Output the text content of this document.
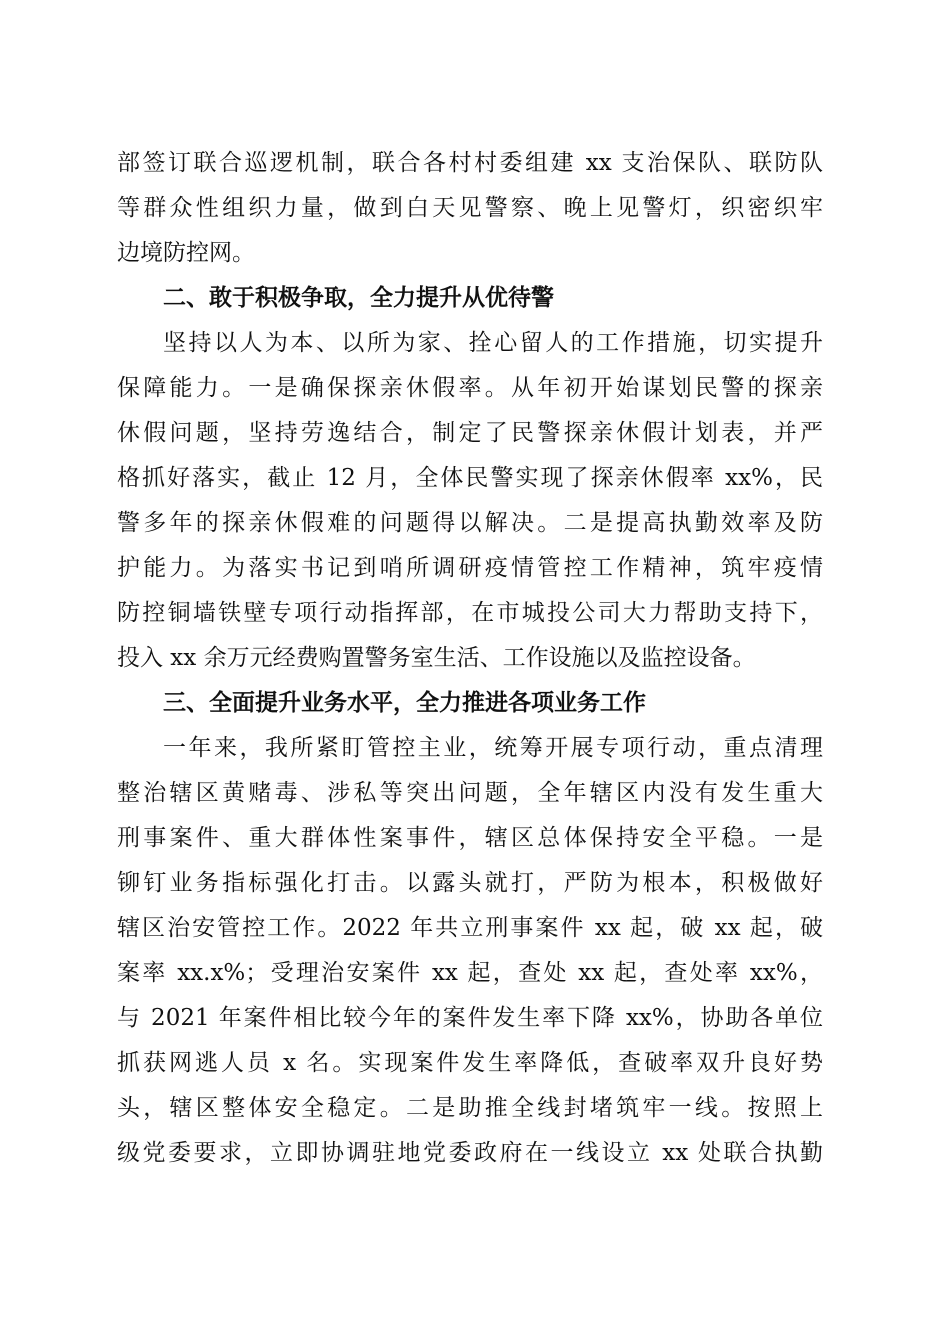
部签订联合巡逻机制，联合各村村委组建 xx 支治保队、联防队
等群众性组织力量，做到白天见警察、晚上见警灯，织密织牢
边境防控网。
二、敢于积极争取，全力提升从优待警
坚持以人为本、以所为家、拴心留人的工作措施，切实提升
保障能力。一是确保探亲休假率。从年初开始谋划民警的探亲
休假问题，坚持劳逸结合，制定了民警探亲休假计划表，并严
格抓好落实，截止 12 月，全体民警实现了探亲休假率 xx%，民
警多年的探亲休假难的问题得以解决。二是提高执勤效率及防
护能力。为落实书记到哨所调研疫情管控工作精神，筑牢疫情
防控铜墙铁壁专项行动指挥部，在市城投公司大力帮助支持下，
投入 xx 余万元经费购置警务室生活、工作设施以及监控设备。
三、全面提升业务水平，全力推进各项业务工作
一年来，我所紧盯管控主业，统筹开展专项行动，重点清理
整治辖区黄赌毒、涉私等突出问题，全年辖区内没有发生重大
刑事案件、重大群体性案事件，辖区总体保持安全平稳。一是
铆钉业务指标强化打击。以露头就打，严防为根本，积极做好
辖区治安管控工作。2022 年共立刑事案件 xx 起，破 xx 起，破
案率 xx.x%；受理治安案件 xx 起，查处 xx 起，查处率 xx%，
与 2021 年案件相比较今年的案件发生率下降 xx%，协助各单位
抓获网逃人员 x 名。实现案件发生率降低，查破率双升良好势
头，辖区整体安全稳定。二是助推全线封堵筑牢一线。按照上
级党委要求，立即协调驻地党委政府在一线设立 xx 处联合执勤
